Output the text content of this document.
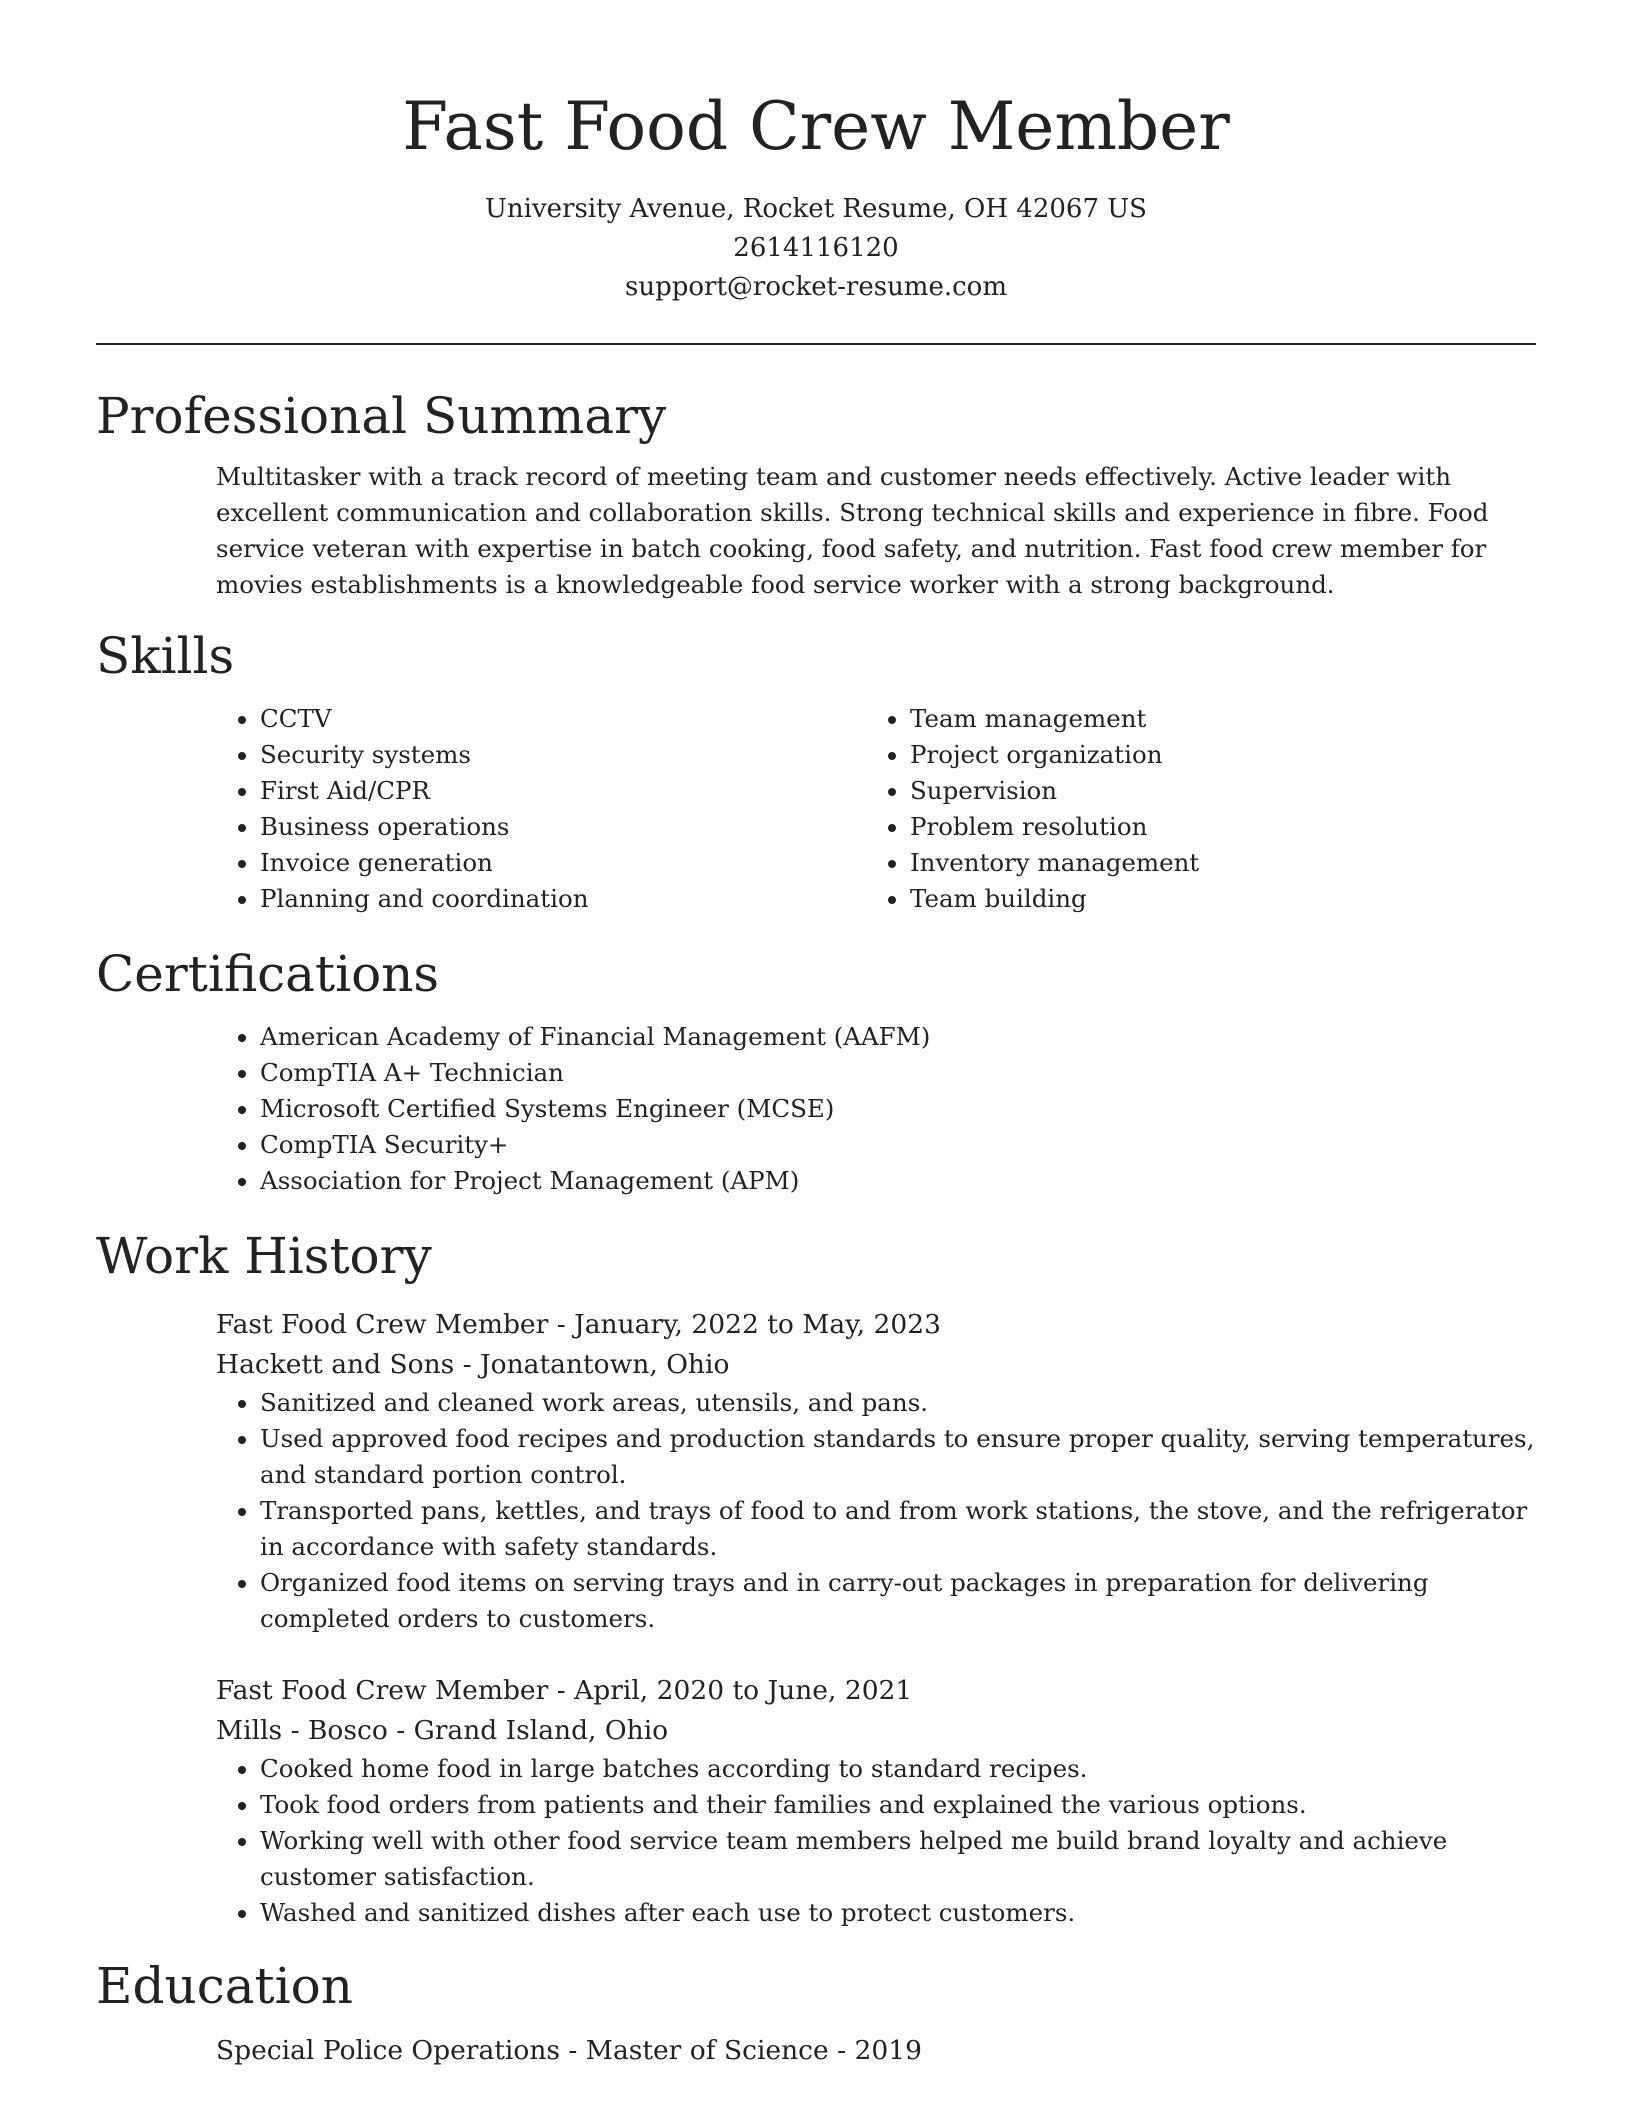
Fast Food Crew Member
University Avenue, Rocket Resume, OH 42067 US
2614116120
support@rocket-resume.com
Professional Summary
Multitasker with a track record of meeting team and customer needs effectively. Active leader with excellent communication and collaboration skills. Strong technical skills and experience in fibre. Food service veteran with expertise in batch cooking, food safety, and nutrition. Fast food crew member for movies establishments is a knowledgeable food service worker with a strong background.
Skills
• CCTV
• Security systems
• First Aid/CPR
• Business operations
• Invoice generation
• Planning and coordination
• Team management
• Project organization
• Supervision
• Problem resolution
• Inventory management
• Team building
Certifications
• American Academy of Financial Management (AAFM)
• CompTIA A+ Technician
• Microsoft Certified Systems Engineer (MCSE)
• CompTIA Security+
• Association for Project Management (APM)
Work History
Fast Food Crew Member - January, 2022 to May, 2023
Hackett and Sons - Jonatantown, Ohio
• Sanitized and cleaned work areas, utensils, and pans.
• Used approved food recipes and production standards to ensure proper quality, serving temperatures, and standard portion control.
• Transported pans, kettles, and trays of food to and from work stations, the stove, and the refrigerator in accordance with safety standards.
• Organized food items on serving trays and in carry-out packages in preparation for delivering completed orders to customers.
Fast Food Crew Member - April, 2020 to June, 2021
Mills - Bosco - Grand Island, Ohio
• Cooked home food in large batches according to standard recipes.
• Took food orders from patients and their families and explained the various options.
• Working well with other food service team members helped me build brand loyalty and achieve customer satisfaction.
• Washed and sanitized dishes after each use to protect customers.
Education
Special Police Operations - Master of Science - 2019
